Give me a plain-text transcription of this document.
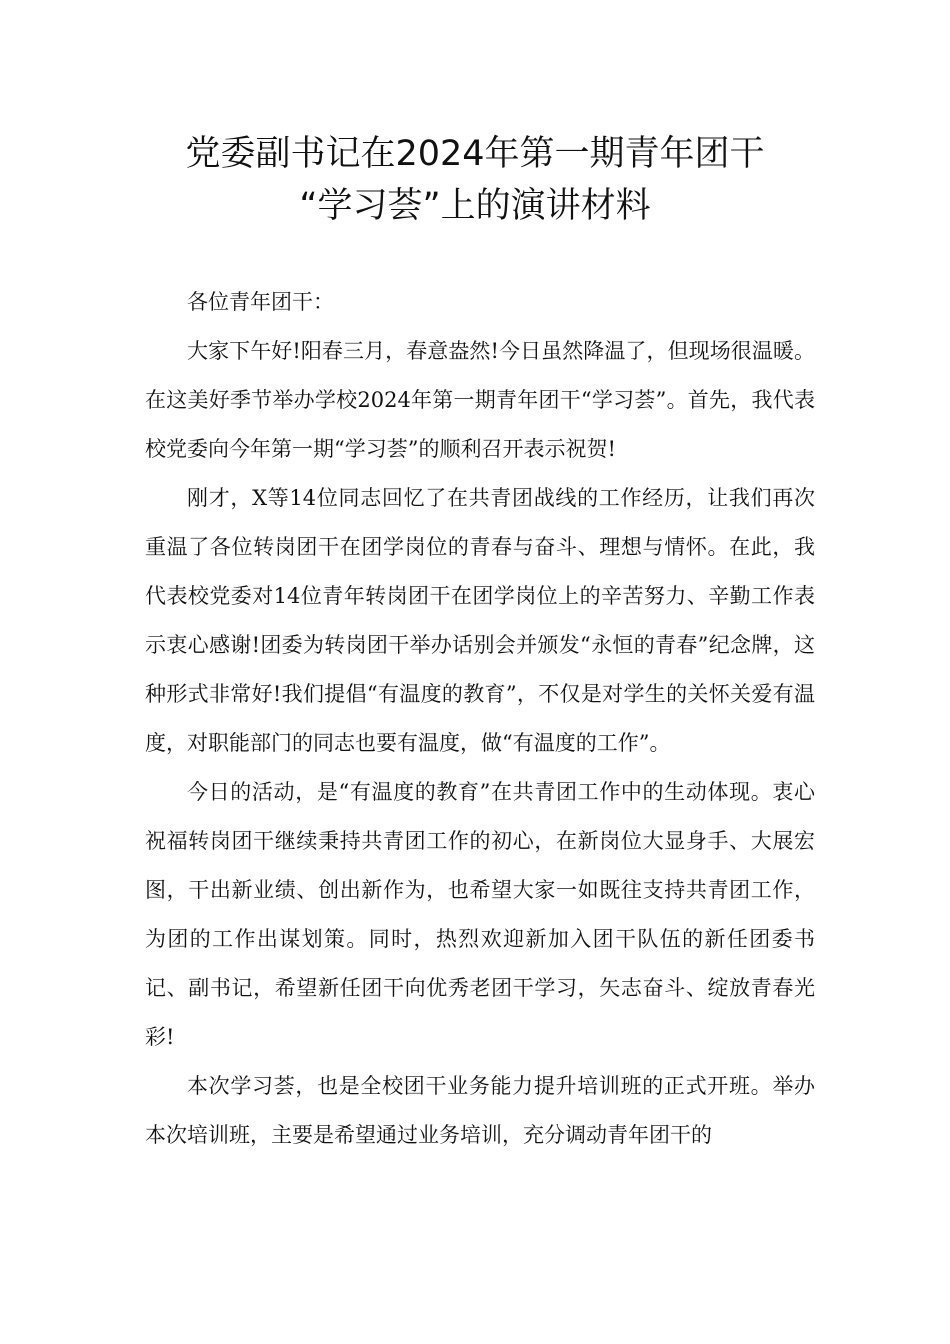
党委副书记在2024年第一期青年团干
“学习荟”上的演讲材料

各位青年团干：

大家下午好!阳春三月，春意盎然!今日虽然降温了，但现场很温暖。在这美好季节举办学校2024年第一期青年团干“学习荟”。首先，我代表校党委向今年第一期“学习荟”的顺利召开表示祝贺!

刚才，X等14位同志回忆了在共青团战线的工作经历，让我们再次重温了各位转岗团干在团学岗位的青春与奋斗、理想与情怀。在此，我代表校党委对14位青年转岗团干在团学岗位上的辛苦努力、辛勤工作表示衷心感谢!团委为转岗团干举办话别会并颁发“永恒的青春”纪念牌，这种形式非常好!我们提倡“有温度的教育”，不仅是对学生的关怀关爱有温度，对职能部门的同志也要有温度，做“有温度的工作”。

今日的活动，是“有温度的教育”在共青团工作中的生动体现。衷心祝福转岗团干继续秉持共青团工作的初心，在新岗位大显身手、大展宏图，干出新业绩、创出新作为，也希望大家一如既往支持共青团工作，为团的工作出谋划策。同时，热烈欢迎新加入团干队伍的新任团委书记、副书记，希望新任团干向优秀老团干学习，矢志奋斗、绽放青春光彩!

本次学习荟，也是全校团干业务能力提升培训班的正式开班。举办本次培训班，主要是希望通过业务培训，充分调动青年团干的
